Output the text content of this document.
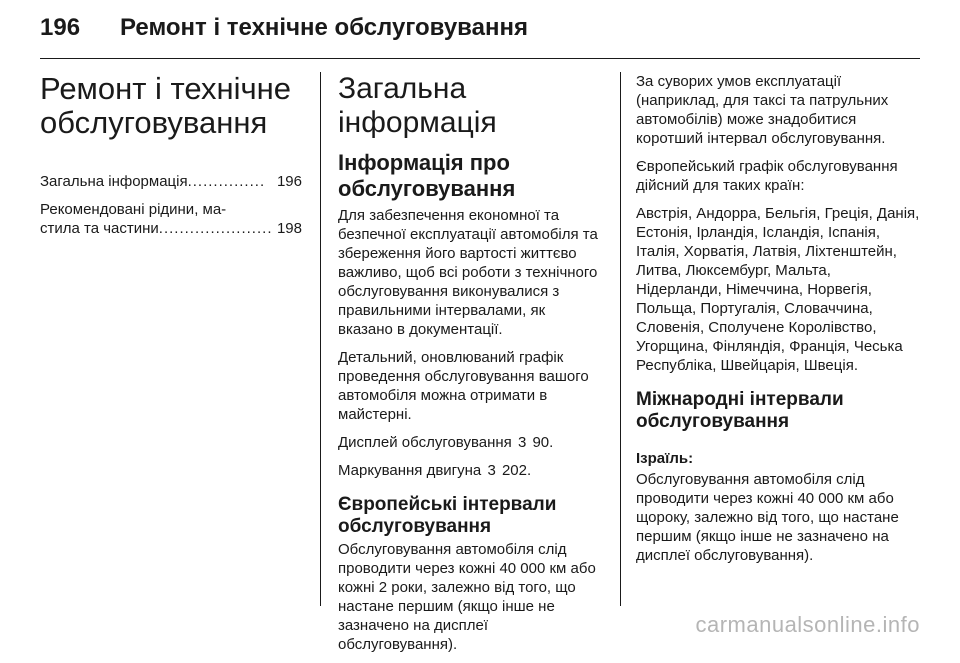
196 Ремонт і технічне обслуговування
Ремонт і технічне обслуговування
Загальна інформація ............... 196
Рекомендовані рідини, ма-
стила та частини ...................... 198
Загальна інформація
Інформація про обслуговування

Для забезпечення економної та безпечної експлуатації автомобіля та збереження його вартості життєво важливо, щоб всі роботи з технічного обслуговування виконувалися з правильними інтервалами, як вказано в документації.

Детальний, оновлюваний графік проведення обслуговування вашого автомобіля можна отримати в майстерні.

Дисплей обслуговування 3 90.

Маркування двигуна 3 202.

Європейські інтервали обслуговування

Обслуговування автомобіля слід проводити через кожні 40 000 км або кожні 2 роки, залежно від того, що настане першим (якщо інше не зазначено на дисплеї обслуговування).

За суворих умов експлуатації (наприклад, для таксі та патрульних автомобілів) може знадобитися коротший інтервал обслуговування.

Європейський графік обслуговування дійсний для таких країн:

Австрія, Андорра, Бельгія, Греція, Данія, Естонія, Ірландія, Ісландія, Іспанія, Італія, Хорватія, Латвія, Ліхтенштейн, Литва, Люксембург, Мальта, Нідерланди, Німеччина, Норвегія, Польща, Португалія, Словаччина, Словенія, Сполучене Королівство, Угорщина, Фінляндія, Франція, Чеська Республіка, Швейцарія, Швеція.

Міжнародні інтервали обслуговування
Ізраїль:

Обслуговування автомобіля слід проводити через кожні 40 000 км або щороку, залежно від того, що настане першим (якщо інше не зазначено на дисплеї обслуговування).

carmanualsonline.info
